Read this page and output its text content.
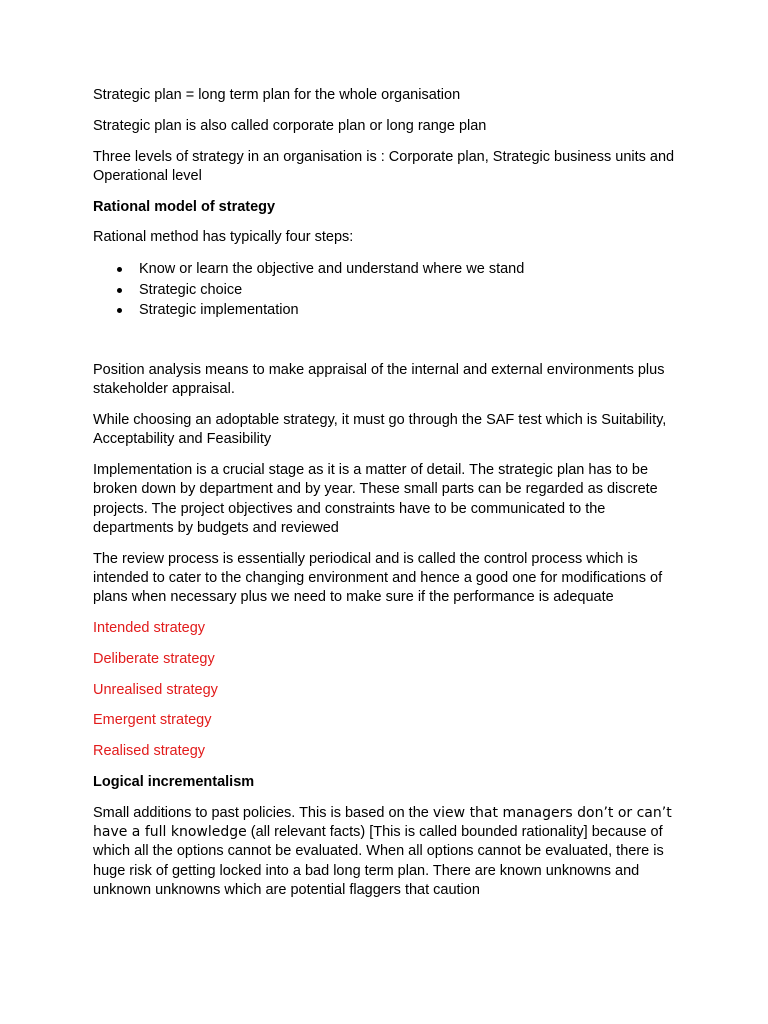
Strategic plan = long term plan for the whole organisation

Strategic plan is also called corporate plan or long range plan

Three levels of strategy in an organisation is : Corporate plan, Strategic business units and Operational level

Rational model of strategy

Rational method has typically four steps:

Know or learn the objective and understand where we stand
Strategic choice
Strategic implementation

Position analysis means to make appraisal of the internal and external environments plus stakeholder appraisal.

While choosing an adoptable strategy, it must go through the SAF test which is Suitability, Acceptability and Feasibility

Implementation is a crucial stage as it is a matter of detail. The strategic plan has to be broken down by department and by year. These small parts can be regarded as discrete projects. The project objectives and constraints have to be communicated to the departments by budgets and reviewed

The review process is essentially periodical and is called the control process which is intended to cater to the changing environment and hence a good one for modifications of plans when necessary plus we need to make sure if the performance is adequate

Intended strategy

Deliberate strategy

Unrealised strategy

Emergent strategy

Realised strategy

Logical incrementalism

Small additions to past policies. This is based on the view that managers don’t or can’t have a full knowledge (all relevant facts) [This is called bounded rationality] because of which all the options cannot be evaluated. When all options cannot be evaluated, there is huge risk of getting locked into a bad long term plan. There are known unknowns and unknown unknowns which are potential flaggers that caution
